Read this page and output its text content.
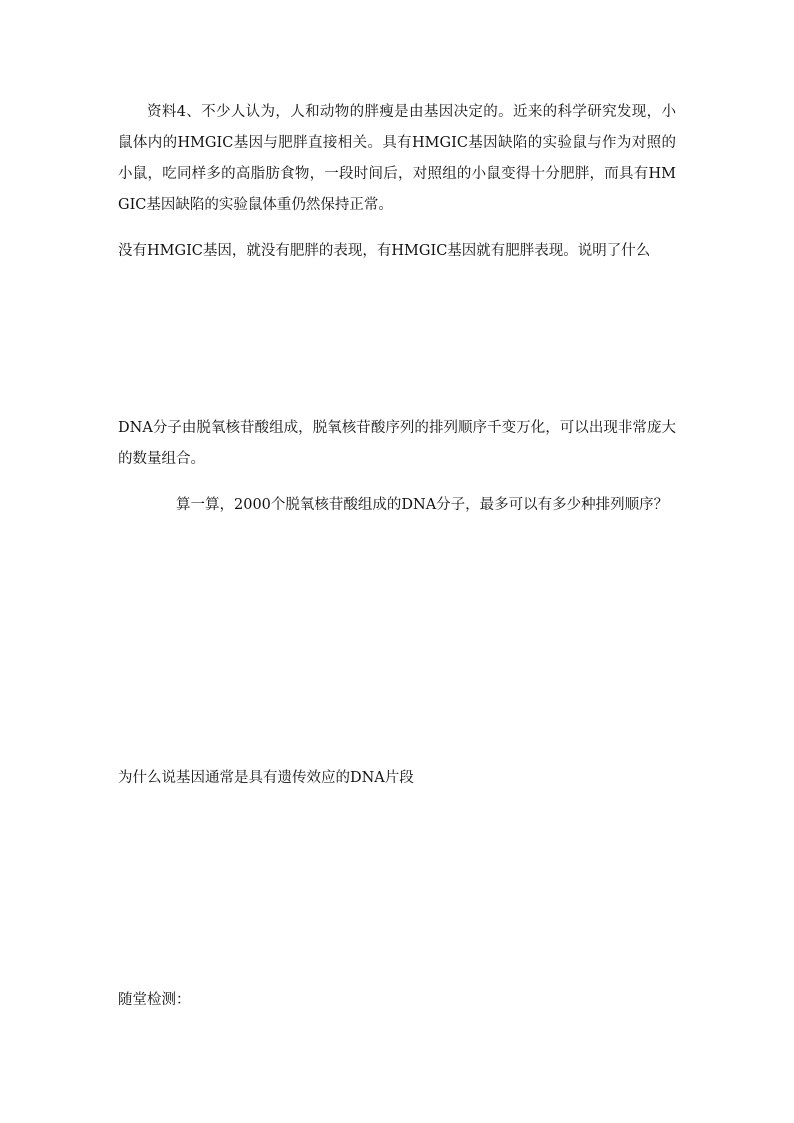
资料4、不少人认为，人和动物的胖瘦是由基因决定的。近来的科学研究发现，小鼠体内的HMGIC基因与肥胖直接相关。具有HMGIC基因缺陷的实验鼠与作为对照的小鼠，吃同样多的高脂肪食物，一段时间后，对照组的小鼠变得十分肥胖，而具有HMGIC基因缺陷的实验鼠体重仍然保持正常。

没有HMGIC基因，就没有肥胖的表现，有HMGIC基因就有肥胖表现。说明了什么

DNA分子由脱氧核苷酸组成，脱氧核苷酸序列的排列顺序千变万化，可以出现非常庞大的数量组合。

算一算，2000个脱氧核苷酸组成的DNA分子，最多可以有多少种排列顺序？

为什么说基因通常是具有遗传效应的DNA片段

随堂检测：
